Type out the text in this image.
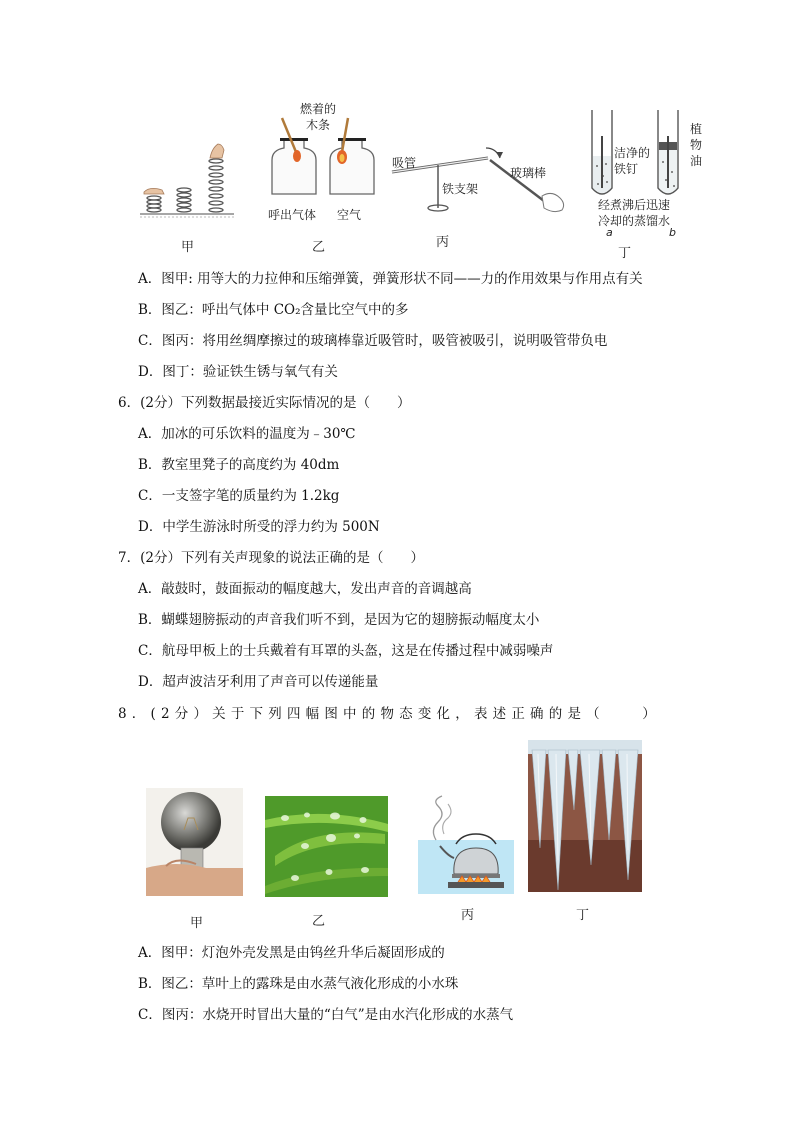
甲
燃着的
木条
呼出气体 空气
乙
吸管
铁支架
玻璃棒
丙
洁净的
铁钉
植
物
油
经煮沸后迅速
冷却的蒸馏水
a	b
丁
A．图甲: 用等大的力拉伸和压缩弹簧，弹簧形状不同——力的作用效果与作用点有关
B．图乙：呼出气体中 CO₂含量比空气中的多
C．图丙：将用丝绸摩擦过的玻璃棒靠近吸管时，吸管被吸引，说明吸管带负电
D．图丁：验证铁生锈与氧气有关
6．(2分）下列数据最接近实际情况的是（　　）
A．加冰的可乐饮料的温度为﹣30℃
B．教室里凳子的高度约为 40dm
C．一支签字笔的质量约为 1.2kg
D．中学生游泳时所受的浮力约为 500N
7．(2分）下列有关声现象的说法正确的是（　　）
A．敲鼓时，鼓面振动的幅度越大，发出声音的音调越高
B．蝴蝶翅膀振动的声音我们听不到，是因为它的翅膀振动幅度太小
C．航母甲板上的士兵戴着有耳罩的头盔，这是在传播过程中减弱噪声
D．超声波洁牙利用了声音可以传递能量
8．(2分）关于下列四幅图中的物态变化，表述正确的是（　　）
甲	乙	丙	丁
A．图甲：灯泡外壳发黑是由钨丝升华后凝固形成的
B．图乙：草叶上的露珠是由水蒸气液化形成的小水珠
C．图丙：水烧开时冒出大量的“白气”是由水汽化形成的水蒸气
